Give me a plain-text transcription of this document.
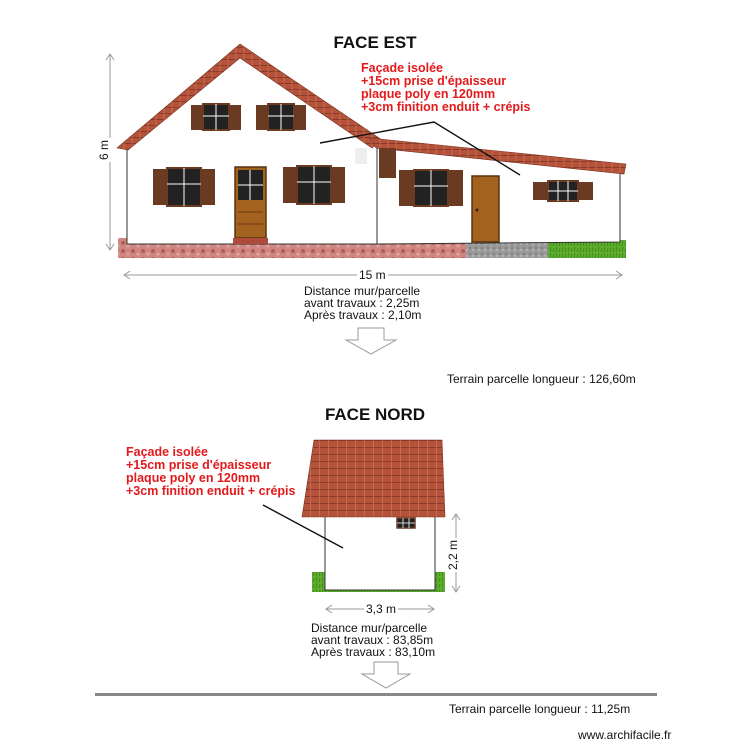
FACE EST
Façade isolée
+15cm prise d'épaisseur
plaque poly en 120mm
+3cm finition enduit + crépis
6 m
15 m
Distance mur/parcelle
avant travaux : 2,25m
Après travaux : 2,10m
Terrain parcelle longueur : 126,60m
FACE NORD
Façade isolée
+15cm prise d'épaisseur
plaque poly en 120mm
+3cm finition enduit + crépis
2,2 m
3,3 m
Distance mur/parcelle
avant travaux : 83,85m
Après travaux : 83,10m
Terrain parcelle longueur : 11,25m
www.archifacile.fr
